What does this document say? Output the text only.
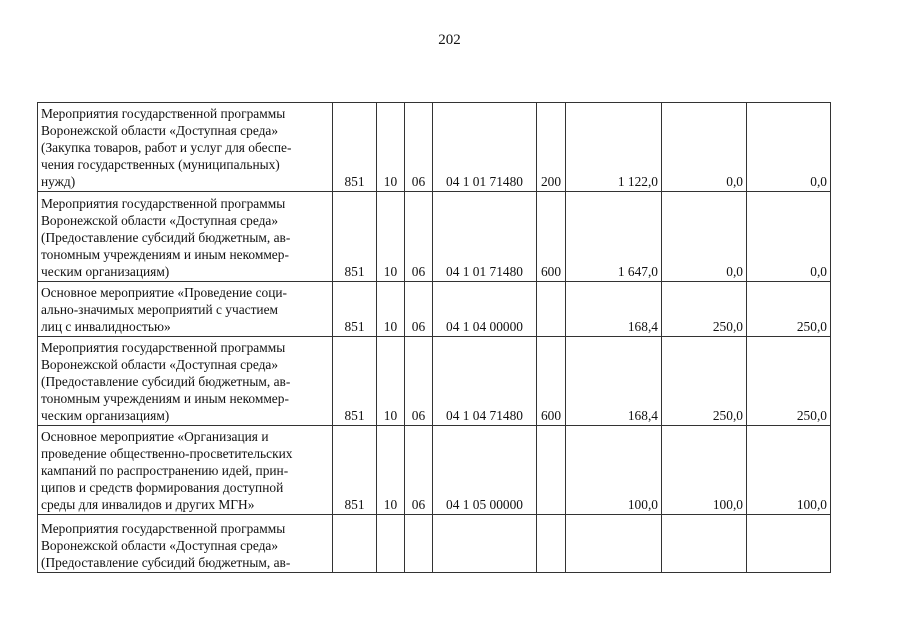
202
Мероприятия государственной программы
Воронежской области «Доступная среда»
(Закупка товаров, работ и услуг для обеспе-
чения государственных (муниципальных)
нужд)	851	10	06	04 1 01 71480	200	1 122,0	0,0	0,0

Мероприятия государственной программы
Воронежской области «Доступная среда»
(Предоставление субсидий бюджетным, ав-
тономным учреждениям и иным некоммер-
ческим организациям)	851	10	06	04 1 01 71480	600	1 647,0	0,0	0,0

Основное мероприятие «Проведение соци-
ально-значимых мероприятий с участием
лиц с инвалидностью»	851	10	06	04 1 04 00000		168,4	250,0	250,0

Мероприятия государственной программы
Воронежской области «Доступная среда»
(Предоставление субсидий бюджетным, ав-
тономным учреждениям и иным некоммер-
ческим организациям)	851	10	06	04 1 04 71480	600	168,4	250,0	250,0

Основное мероприятие «Организация и
проведение общественно-просветительских
кампаний по распространению идей, прин-
ципов и средств формирования доступной
среды для инвалидов и других МГН»	851	10	06	04 1 05 00000		100,0	100,0	100,0

Мероприятия государственной программы
Воронежской области «Доступная среда»
(Предоставление субсидий бюджетным, ав-								
